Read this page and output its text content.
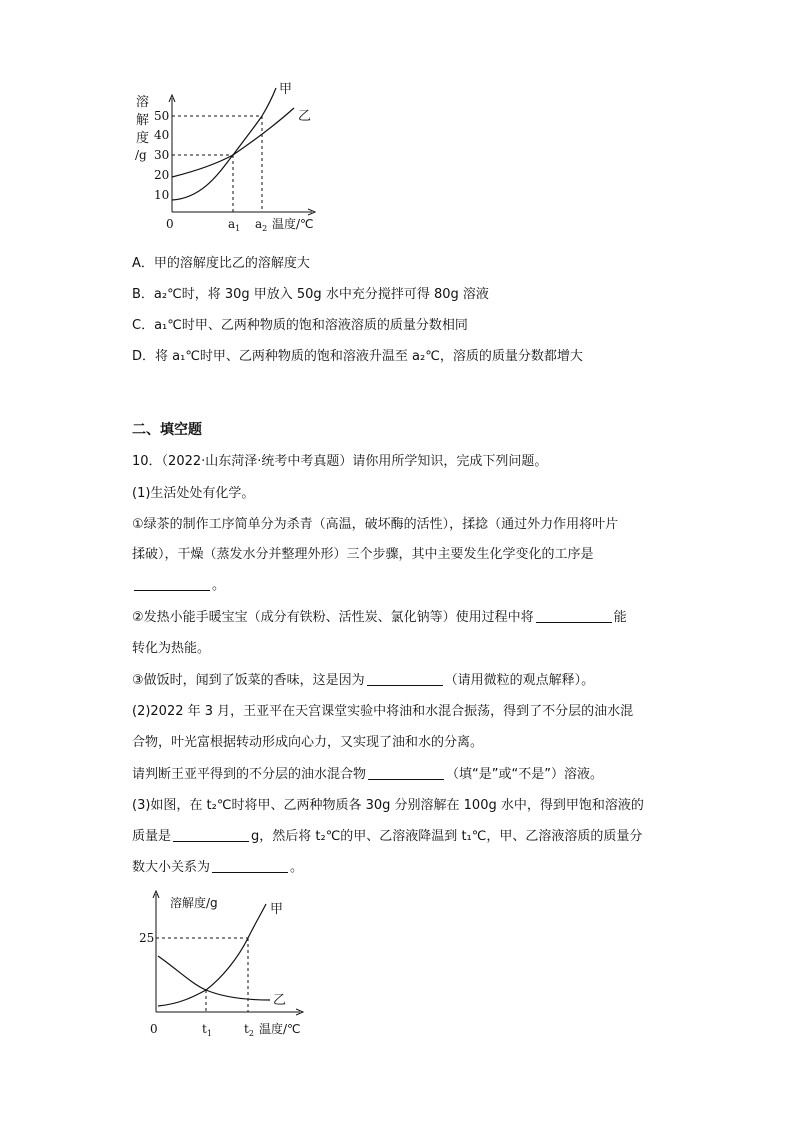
溶
解
度
/g
50
40
30
20
10
0
甲
乙
$a_1$ $a_2$ 温度/℃
溶解度/g
25
0
甲
乙
$t_1$	$t_2$ 温度/℃
A．甲的溶解度比乙的溶解度大
B．a₂℃时，将 30g 甲放入 50g 水中充分搅拌可得 80g 溶液
C．a₁℃时甲、乙两种物质的饱和溶液溶质的质量分数相同
D．将 a₁℃时甲、乙两种物质的饱和溶液升温至 a₂℃，溶质的质量分数都增大
二、填空题
10．（2022·山东菏泽·统考中考真题）请你用所学知识，完成下列问题。
(1)生活处处有化学。
①绿茶的制作工序简单分为杀青（高温，破坏酶的活性），揉捻（通过外力作用将叶片
揉破），干燥（蒸发水分并整理外形）三个步骤，其中主要发生化学变化的工序是
。
②发热小能手暖宝宝（成分有铁粉、活性炭、氯化钠等）使用过程中将	能
转化为热能。
③做饭时，闻到了饭菜的香味，这是因为	（请用微粒的观点解释）。
(2)2022 年 3 月，王亚平在天宫课堂实验中将油和水混合振荡，得到了不分层的油水混
合物，叶光富根据转动形成向心力，又实现了油和水的分离。
请判断王亚平得到的不分层的油水混合物	（填“是”或“不是”）溶液。
(3)如图，在 t₂℃时将甲、乙两种物质各 30g 分别溶解在 100g 水中，得到甲饱和溶液的
质量是	g，然后将 t₂℃的甲、乙溶液降温到 t₁℃，甲、乙溶液溶质的质量分
数大小关系为	。
